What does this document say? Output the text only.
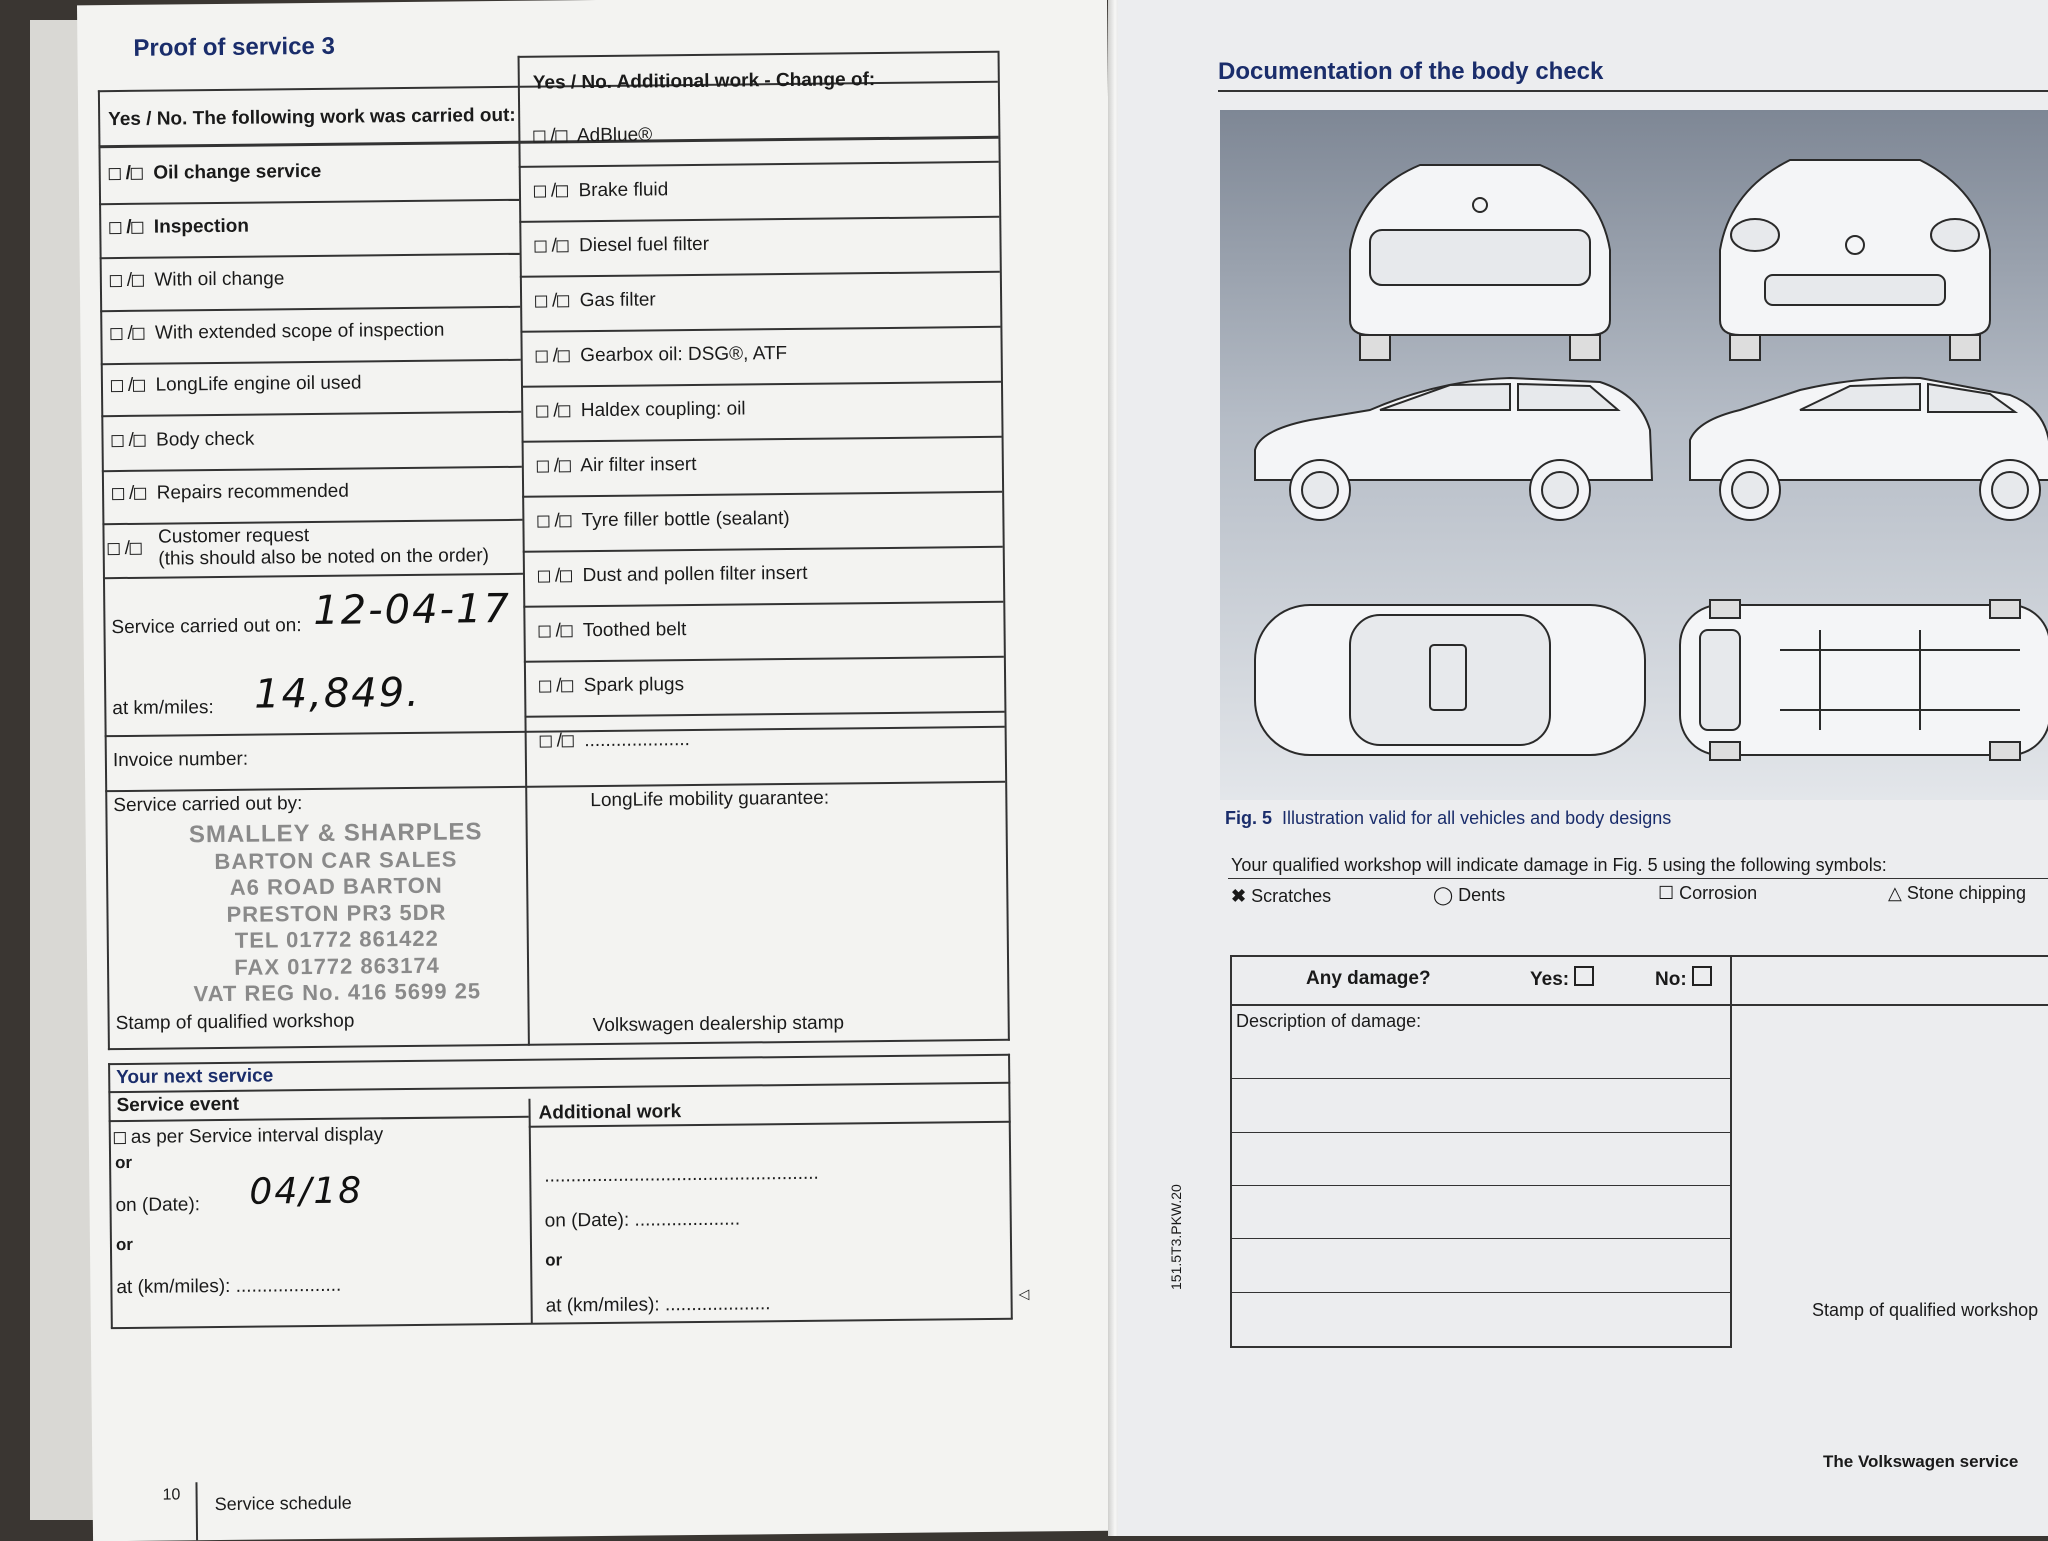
Proof of service 3
Yes / No. The following work was carried out:
Yes / No. Additional work - Change of:
/ Oil change service
/ Inspection
/ With oil change
/ With extended scope of inspection
/ LongLife engine oil used
/ Body check
/ Repairs recommended
/ Customer request
(this should also be noted on the order)
Service carried out on: 12-04-17
at km/miles: 14,849.
Invoice number:
Service carried out by:
SMALLEY & SHARPLES
BARTON CAR SALES
A6 ROAD BARTON
PRESTON PR3 5DR
TEL 01772 861422
FAX 01772 863174
VAT REG No. 416 5699 25
Stamp of qualified workshop
LongLife mobility guarantee:
Volkswagen dealership stamp
/ AdBlue®
/ Brake fluid
/ Diesel fuel filter
/ Gas filter
/ Gearbox oil: DSG®, ATF
/ Haldex coupling: oil
/ Air filter insert
/ Tyre filler bottle (sealant)
/ Dust and pollen filter insert
/ Toothed belt
/ Spark plugs
/ ....................
Your next service
Service event	Additional work
as per Service interval display
or
on (Date): 04/18
or
at (km/miles): ....................
....................................................
on (Date): ....................
or
at (km/miles): ....................	◁
10 Service schedule
Documentation of the body check
151.5T3.PKW.20
Fig. 5 Illustration valid for all vehicles and body designs
Your qualified workshop will indicate damage in Fig. 5 using the following symbols:
✖ Scratches	◯ Dents	☐ Corrosion	△ Stone chipping
Any damage?	Yes:	No:
Description of damage:
Stamp of qualified workshop
The Volkswagen service
